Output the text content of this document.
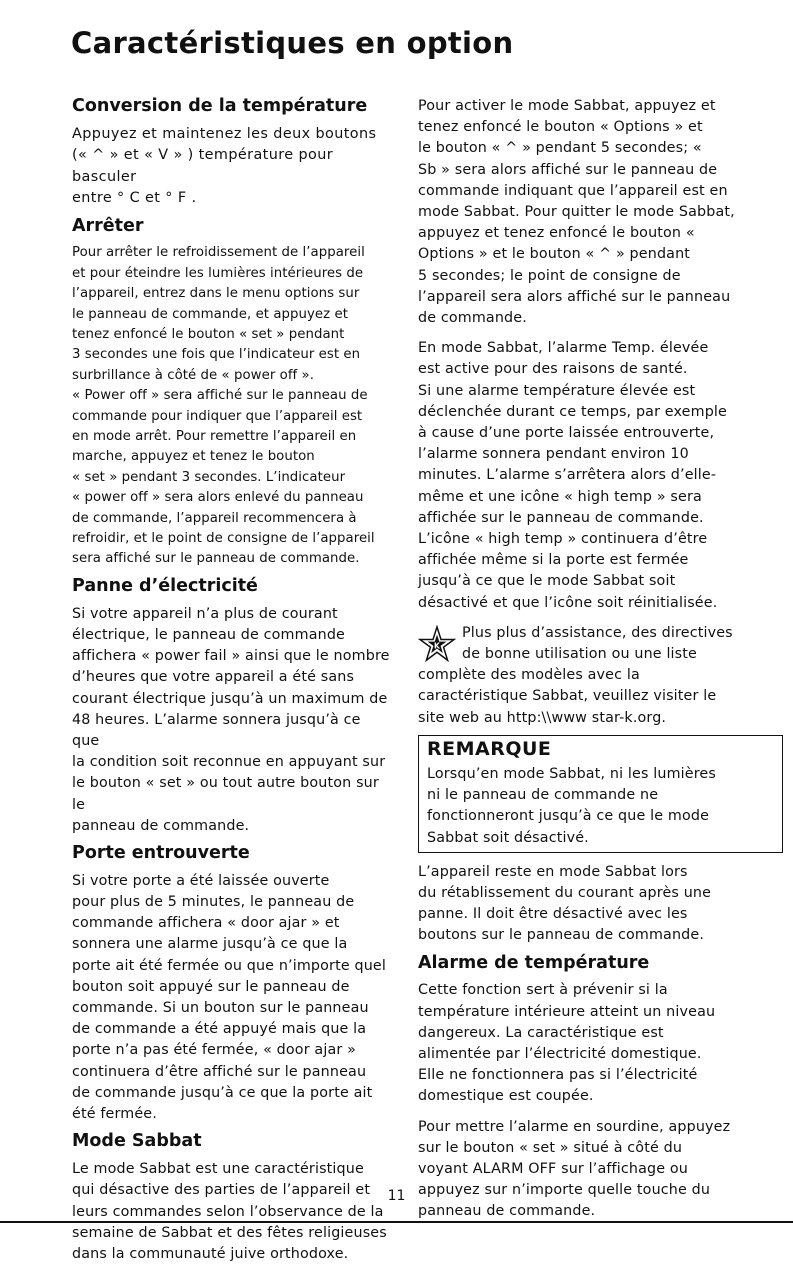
Caractéristiques en option
Conversion de la température

Appuyez et maintenez les deux boutons
(« ^ » et « V » ) température pour basculer
entre ° C et ° F .

Arrêter

Pour arrêter le refroidissement de l’appareil
et pour éteindre les lumières intérieures de
l’appareil, entrez dans le menu options sur
le panneau de commande, et appuyez et
tenez enfoncé le bouton « set » pendant
3 secondes une fois que l’indicateur est en
surbrillance à côté de « power off ».
« Power off » sera affiché sur le panneau de
commande pour indiquer que l’appareil est
en mode arrêt. Pour remettre l’appareil en
marche, appuyez et tenez le bouton
« set » pendant 3 secondes. L’indicateur
« power off » sera alors enlevé du panneau
de commande, l’appareil recommencera à
refroidir, et le point de consigne de l’appareil
sera affiché sur le panneau de commande.

Panne d’électricité

Si votre appareil n’a plus de courant
électrique, le panneau de commande
affichera « power fail » ainsi que le nombre
d’heures que votre appareil a été sans
courant électrique jusqu’à un maximum de
48 heures. L’alarme sonnera jusqu’à ce que
la condition soit reconnue en appuyant sur
le bouton « set » ou tout autre bouton sur le
panneau de commande.

Porte entrouverte

Si votre porte a été laissée ouverte
pour plus de 5 minutes, le panneau de
commande affichera « door ajar » et
sonnera une alarme jusqu’à ce que la
porte ait été fermée ou que n’importe quel
bouton soit appuyé sur le panneau de
commande. Si un bouton sur le panneau
de commande a été appuyé mais que la
porte n’a pas été fermée, « door ajar »
continuera d’être affiché sur le panneau
de commande jusqu’à ce que la porte ait
été fermée.

Mode Sabbat

Le mode Sabbat est une caractéristique
qui désactive des parties de l’appareil et
leurs commandes selon l’observance de la
semaine de Sabbat et des fêtes religieuses
dans la communauté juive orthodoxe.

Pour activer le mode Sabbat, appuyez et
tenez enfoncé le bouton « Options » et
le bouton « ^ » pendant 5 secondes; «
Sb » sera alors affiché sur le panneau de
commande indiquant que l’appareil est en
mode Sabbat. Pour quitter le mode Sabbat,
appuyez et tenez enfoncé le bouton «
Options » et le bouton « ^ » pendant
5 secondes; le point de consigne de
l’appareil sera alors affiché sur le panneau
de commande.

En mode Sabbat, l’alarme Temp. élevée
est active pour des raisons de santé.
Si une alarme température élevée est
déclenchée durant ce temps, par exemple
à cause d’une porte laissée entrouverte,
l’alarme sonnera pendant environ 10
minutes. L’alarme s’arrêtera alors d’elle-
même et une icône « high temp » sera
affichée sur le panneau de commande.
L’icône « high temp » continuera d’être
affichée même si la porte est fermée
jusqu’à ce que le mode Sabbat soit
désactivé et que l’icône soit réinitialisée.

K

Plus plus d’assistance, des directives
de bonne utilisation ou une liste
complète des modèles avec la
caractéristique Sabbat, veuillez visiter le
site web au http:\\www star-k.org.

REMARQUE

Lorsqu’en mode Sabbat, ni les lumières
ni le panneau de commande ne
fonctionneront jusqu’à ce que le mode
Sabbat soit désactivé.

L’appareil reste en mode Sabbat lors
du rétablissement du courant après une
panne. Il doit être désactivé avec les
boutons sur le panneau de commande.

Alarme de température

Cette fonction sert à prévenir si la
température intérieure atteint un niveau
dangereux. La caractéristique est
alimentée par l’électricité domestique.
Elle ne fonctionnera pas si l’électricité
domestique est coupée.

Pour mettre l’alarme en sourdine, appuyez
sur le bouton « set » situé à côté du
voyant ALARM OFF sur l’affichage ou
appuyez sur n’importe quelle touche du
panneau de commande.

11
